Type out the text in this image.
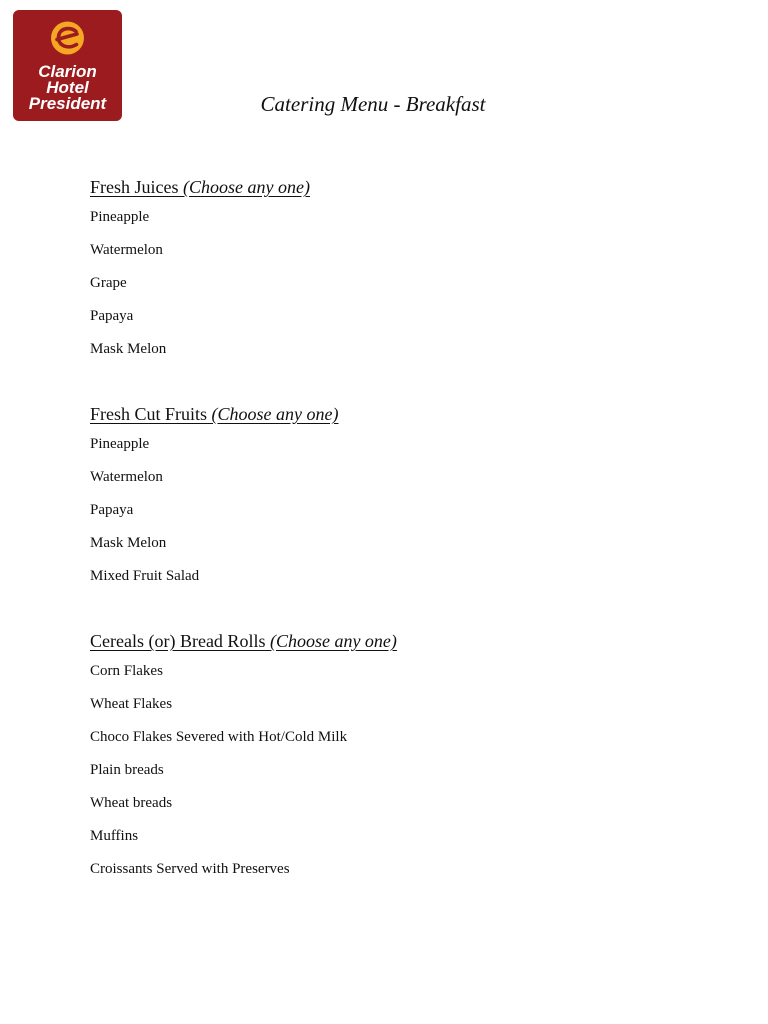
Clarion
Hotel
President	Catering Menu - Breakfast
Fresh Juices (Choose any one)
Pineapple
Watermelon
Grape
Papaya
Mask Melon
Fresh Cut Fruits (Choose any one)
Pineapple
Watermelon
Papaya
Mask Melon
Mixed Fruit Salad
Cereals (or) Bread Rolls (Choose any one)
Corn Flakes
Wheat Flakes
Choco Flakes Severed with Hot/Cold Milk
Plain breads
Wheat breads
Muffins
Croissants Served with Preserves
